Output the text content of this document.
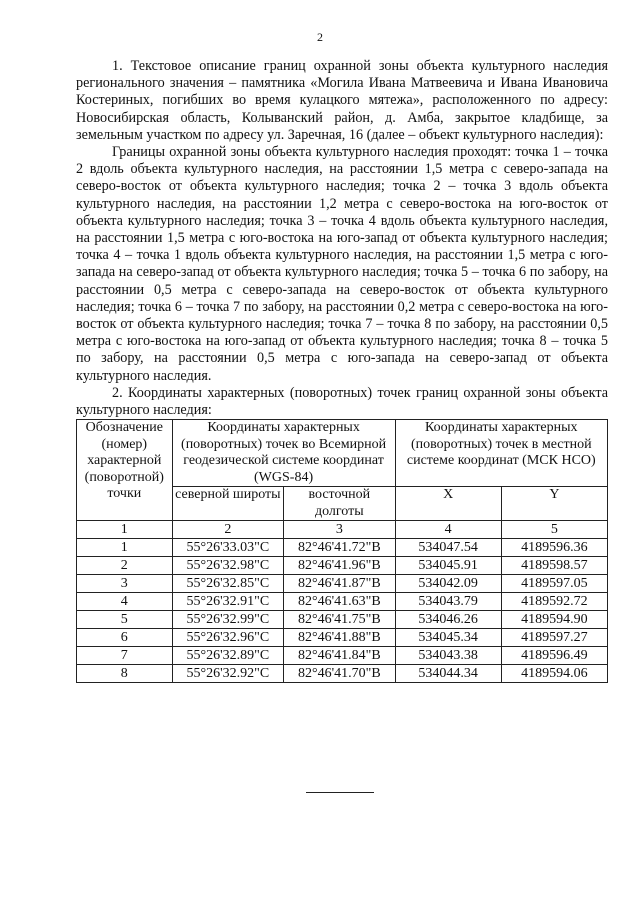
2

1. Текстовое описание границ охранной зоны объекта культурного наследия регионального значения – памятника «Могила Ивана Матвеевича и Ивана Ивановича Костериных, погибших во время кулацкого мятежа», расположенного по адресу: Новосибирская область, Колыванский район, д. Амба, закрытое кладбище, за земельным участком по адресу ул. Заречная, 16 (далее – объект культурного наследия):

Границы охранной зоны объекта культурного наследия проходят: точка 1 – точка 2 вдоль объекта культурного наследия, на расстоянии 1,5 метра с северо-запада на северо-восток от объекта культурного наследия; точка 2 – точка 3 вдоль объекта культурного наследия, на расстоянии 1,2 метра с северо-востока на юго-восток от объекта культурного наследия; точка 3 – точка 4 вдоль объекта культурного наследия, на расстоянии 1,5 метра с юго-востока на юго-запад от объекта культурного наследия; точка 4 – точка 1 вдоль объекта культурного наследия, на расстоянии 1,5 метра с юго-запада на северо-запад от объекта культурного наследия; точка 5 – точка 6 по забору, на расстоянии 0,5 метра с северо-запада на северо-восток от объекта культурного наследия; точка 6 – точка 7 по забору, на расстоянии 0,2 метра с северо-востока на юго-восток от объекта культурного наследия; точка 7 – точка 8 по забору, на расстоянии 0,5 метра с юго-востока на юго-запад от объекта культурного наследия; точка 8 – точка 5 по забору, на расстоянии 0,5 метра с юго-запада на северо-запад от объекта культурного наследия.

2. Координаты характерных (поворотных) точек границ охранной зоны объекта культурного наследия:

Обозначение (номер) характерной (поворотной) точки	Координаты характерных (поворотных) точек во Всемирной геодезической системе координат (WGS-84)		Координаты характерных (поворотных) точек в местной системе координат (МСК НСО)	
	северной широты	восточной долготы	X	Y
1	2	3	4	5
1	55°26'33.03"С	82°46'41.72"В	534047.54	4189596.36
2	55°26'32.98"С	82°46'41.96"В	534045.91	4189598.57
3	55°26'32.85"С	82°46'41.87"В	534042.09	4189597.05
4	55°26'32.91"С	82°46'41.63"В	534043.79	4189592.72
5	55°26'32.99"С	82°46'41.75"В	534046.26	4189594.90
6	55°26'32.96"С	82°46'41.88"В	534045.34	4189597.27
7	55°26'32.89"С	82°46'41.84"В	534043.38	4189596.49
8	55°26'32.92"С	82°46'41.70"В	534044.34	4189594.06
